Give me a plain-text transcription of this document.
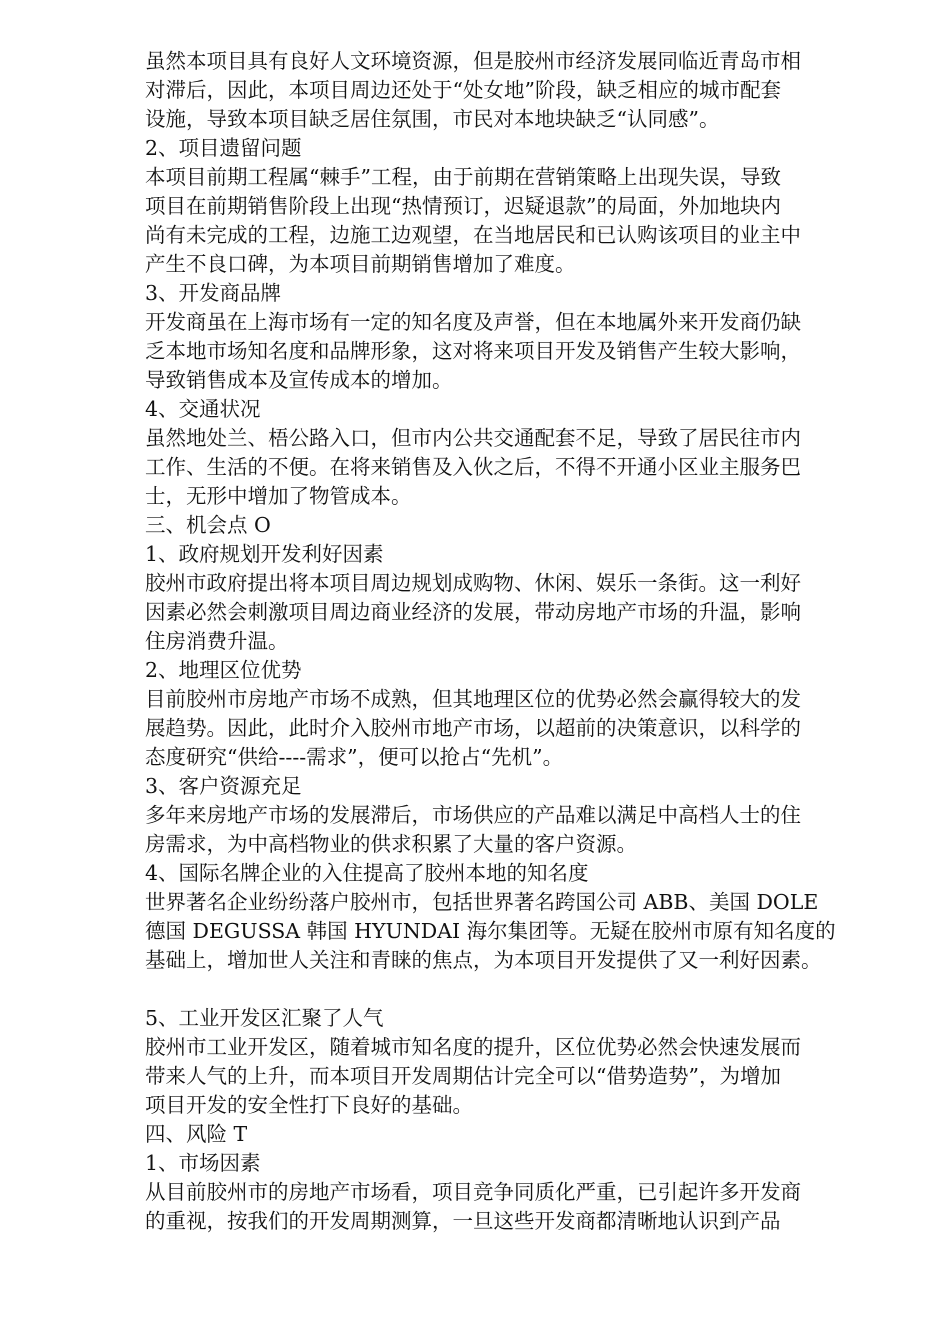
虽然本项目具有良好人文环境资源，但是胶州市经济发展同临近青岛市相
对滞后，因此，本项目周边还处于“处女地”阶段，缺乏相应的城市配套
设施，导致本项目缺乏居住氛围，市民对本地块缺乏“认同感”。
2、项目遗留问题
本项目前期工程属“棘手”工程，由于前期在营销策略上出现失误，导致
项目在前期销售阶段上出现“热情预订，迟疑退款”的局面，外加地块内
尚有未完成的工程，边施工边观望，在当地居民和已认购该项目的业主中
产生不良口碑，为本项目前期销售增加了难度。
3、开发商品牌
开发商虽在上海市场有一定的知名度及声誉，但在本地属外来开发商仍缺
乏本地市场知名度和品牌形象，这对将来项目开发及销售产生较大影响，
导致销售成本及宣传成本的增加。
4、交通状况
虽然地处兰、梧公路入口，但市内公共交通配套不足，导致了居民往市内
工作、生活的不便。在将来销售及入伙之后，不得不开通小区业主服务巴
士，无形中增加了物管成本。
三、机会点 O
1、政府规划开发利好因素
胶州市政府提出将本项目周边规划成购物、休闲、娱乐一条街。这一利好
因素必然会刺激项目周边商业经济的发展，带动房地产市场的升温，影响
住房消费升温。
2、地理区位优势
目前胶州市房地产市场不成熟，但其地理区位的优势必然会赢得较大的发
展趋势。因此，此时介入胶州市地产市场，以超前的决策意识，以科学的
态度研究“供给----需求”，便可以抢占“先机”。
3、客户资源充足
多年来房地产市场的发展滞后，市场供应的产品难以满足中高档人士的住
房需求，为中高档物业的供求积累了大量的客户资源。
4、国际名牌企业的入住提高了胶州本地的知名度
世界著名企业纷纷落户胶州市，包括世界著名跨国公司 ABB、美国 DOLE
德国 DEGUSSA 韩国 HYUNDAI 海尔集团等。无疑在胶州市原有知名度的
基础上，增加世人关注和青睐的焦点，为本项目开发提供了又一利好因素。
5、工业开发区汇聚了人气
胶州市工业开发区，随着城市知名度的提升，区位优势必然会快速发展而
带来人气的上升，而本项目开发周期估计完全可以“借势造势”，为增加
项目开发的安全性打下良好的基础。
四、风险 T
1、市场因素
从目前胶州市的房地产市场看，项目竞争同质化严重，已引起许多开发商
的重视，按我们的开发周期测算，一旦这些开发商都清晰地认识到产品
